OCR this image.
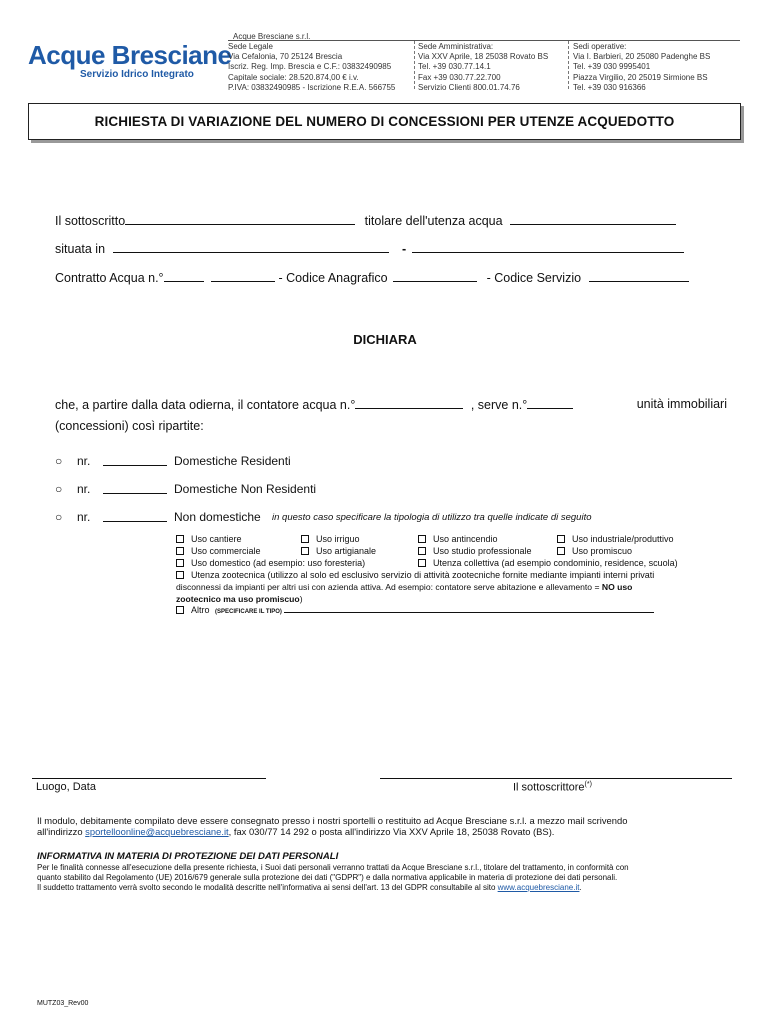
Acque Bresciane
Servizio Idrico Integrato
Acque Bresciane s.r.l.
Sede Legale
Via Cefalonia, 70 25124 Brescia
Iscriz. Reg. Imp. Brescia e C.F.: 03832490985
Capitale sociale: 28.520.874,00 € i.v.
P.IVA: 03832490985 - Iscrizione R.E.A. 566755
Sede Amministrativa:
Via XXV Aprile, 18 25038 Rovato BS
Tel. +39 030.77.14.1
Fax +39 030.77.22.700
Servizio Clienti 800.01.74.76
Sedi operative:
Via I. Barbieri, 20 25080 Padenghe BS
Tel. +39 030 9995401
Piazza Virgilio, 20 25019 Sirmione BS
Tel. +39 030 916366
RICHIESTA DI VARIAZIONE DEL NUMERO DI CONCESSIONI PER UTENZE ACQUEDOTTO
Il sottoscritto	titolare dell'utenza acqua
situata in	-
Contratto Acqua n.°	- Codice Anagrafico	- Codice Servizio
DICHIARA
che, a partire dalla data odierna, il contatore acqua n.°	, serve n.°	unità immobiliari
(concessioni) così ripartite:
○ nr.	Domestiche Residenti
○ nr.	Domestiche Non Residenti
○ nr.	Non domestiche in questo caso specificare la tipologia di utilizzo tra quelle indicate di seguito
Uso cantiere	Uso irriguo	Uso antincendio	Uso industriale/produttivo
Uso commerciale	Uso artigianale	Uso studio professionale	Uso promiscuo
Uso domestico (ad esempio: uso foresteria)	Utenza collettiva (ad esempio condominio, residence, scuola)
Utenza zootecnica (utilizzo al solo ed esclusivo servizio di attività zootecniche fornite mediante impianti interni privati
disconnessi da impianti per altri usi con azienda attiva. Ad esempio: contatore serve abitazione e allevamento = NO uso
zootecnico ma uso promiscuo)
Altro (SPECIFICARE IL TIPO)
Luogo, Data	Il sottoscrittore(*)
Il modulo, debitamente compilato deve essere consegnato presso i nostri sportelli o restituito ad Acque Bresciane s.r.l. a mezzo mail scrivendo
all'indirizzo sportelloonline@acquebresciane.it, fax 030/77 14 292 o posta all'indirizzo Via XXV Aprile 18, 25038 Rovato (BS).
INFORMATIVA IN MATERIA DI PROTEZIONE DEI DATI PERSONALI
Per le finalità connesse all'esecuzione della presente richiesta, i Suoi dati personali verranno trattati da Acque Bresciane s.r.l., titolare del trattamento, in conformità con
quanto stabilito dal Regolamento (UE) 2016/679 generale sulla protezione dei dati ("GDPR") e dalla normativa applicabile in materia di protezione dei dati personali.
Il suddetto trattamento verrà svolto secondo le modalità descritte nell'informativa ai sensi dell'art. 13 del GDPR consultabile al sito www.acquebresciane.it.
MUTZ03_Rev00
